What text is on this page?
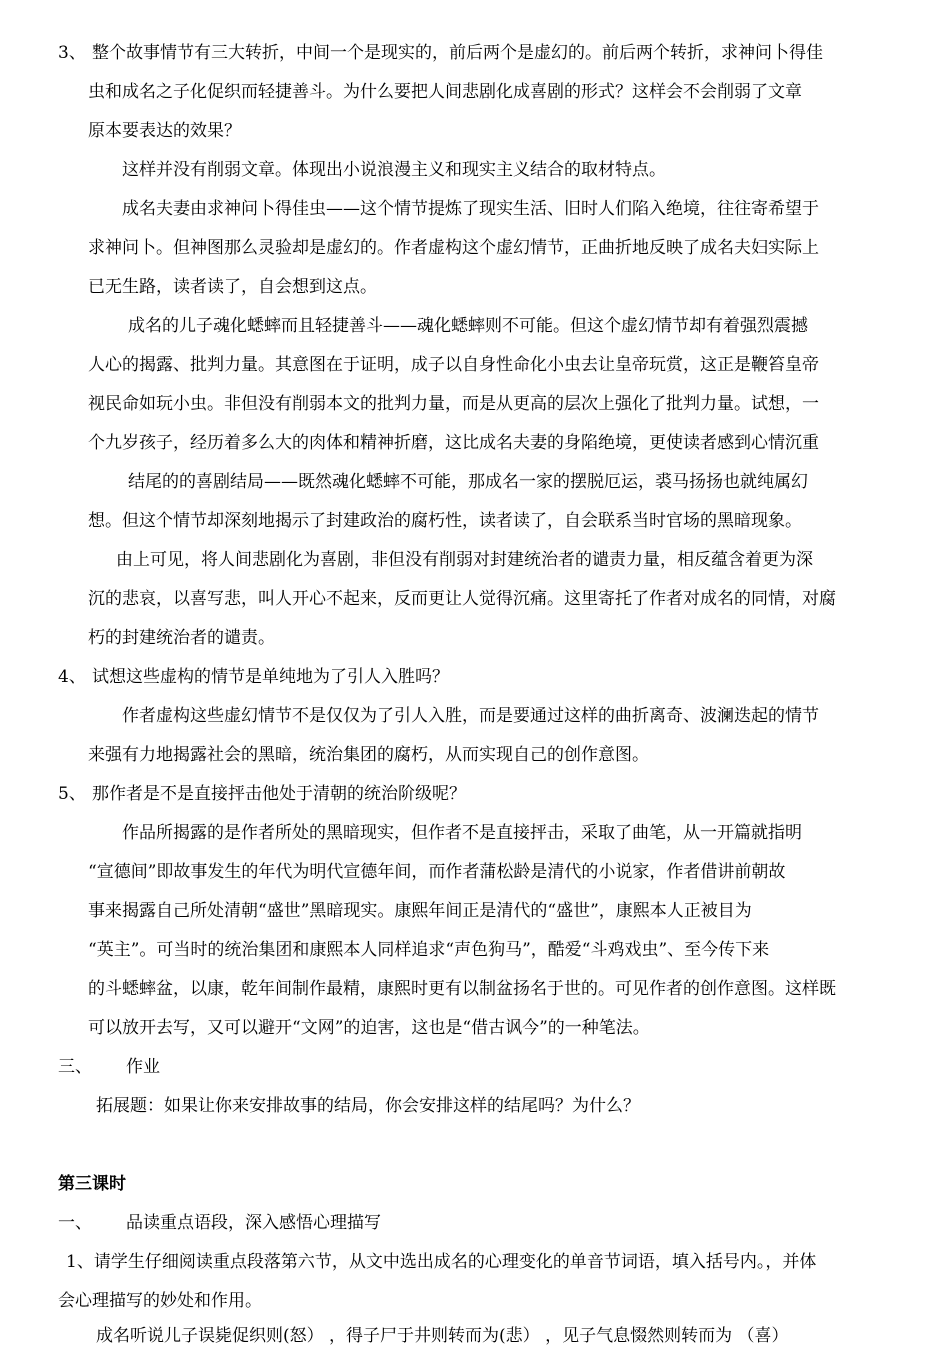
3、 整个故事情节有三大转折，中间一个是现实的，前后两个是虚幻的。前后两个转折，求神问卜得佳
虫和成名之子化促织而轻捷善斗。为什么要把人间悲剧化成喜剧的形式？这样会不会削弱了文章
原本要表达的效果？
这样并没有削弱文章。体现出小说浪漫主义和现实主义结合的取材特点。
成名夫妻由求神问卜得佳虫——这个情节提炼了现实生活、旧时人们陷入绝境，往往寄希望于
求神问卜。但神图那么灵验却是虚幻的。作者虚构这个虚幻情节，正曲折地反映了成名夫妇实际上
已无生路，读者读了，自会想到这点。
成名的儿子魂化蟋蟀而且轻捷善斗——魂化蟋蟀则不可能。但这个虚幻情节却有着强烈震撼
人心的揭露、批判力量。其意图在于证明，成子以自身性命化小虫去让皇帝玩赏，这正是鞭笞皇帝
视民命如玩小虫。非但没有削弱本文的批判力量，而是从更高的层次上强化了批判力量。试想，一
个九岁孩子，经历着多么大的肉体和精神折磨，这比成名夫妻的身陷绝境，更使读者感到心情沉重
结尾的的喜剧结局——既然魂化蟋蟀不可能，那成名一家的摆脱厄运，裘马扬扬也就纯属幻
想。但这个情节却深刻地揭示了封建政治的腐朽性，读者读了，自会联系当时官场的黑暗现象。
由上可见，将人间悲剧化为喜剧，非但没有削弱对封建统治者的谴责力量，相反蕴含着更为深
沉的悲哀，以喜写悲，叫人开心不起来，反而更让人觉得沉痛。这里寄托了作者对成名的同情，对腐
朽的封建统治者的谴责。
4、 试想这些虚构的情节是单纯地为了引人入胜吗？
作者虚构这些虚幻情节不是仅仅为了引人入胜，而是要通过这样的曲折离奇、波澜迭起的情节
来强有力地揭露社会的黑暗，统治集团的腐朽，从而实现自己的创作意图。
5、 那作者是不是直接抨击他处于清朝的统治阶级呢？
作品所揭露的是作者所处的黑暗现实，但作者不是直接抨击，采取了曲笔，从一开篇就指明
“宣德间”即故事发生的年代为明代宣德年间，而作者蒲松龄是清代的小说家，作者借讲前朝故
事来揭露自己所处清朝“盛世”黑暗现实。康熙年间正是清代的“盛世”，康熙本人正被目为
“英主”。可当时的统治集团和康熙本人同样追求“声色狗马”，酷爱“斗鸡戏虫”、至今传下来
的斗蟋蟀盆，以康，乾年间制作最精，康熙时更有以制盆扬名于世的。可见作者的创作意图。这样既
可以放开去写，又可以避开“文网”的迫害，这也是“借古讽今”的一种笔法。
三、 作业
拓展题：如果让你来安排故事的结局，你会安排这样的结尾吗？为什么？
第三课时
一、 品读重点语段，深入感悟心理描写
1、请学生仔细阅读重点段落第六节，从文中选出成名的心理变化的单音节词语，填入括号内。，并体
会心理描写的妙处和作用。
成名听说儿子误毙促织则(怒） ，得子尸于井则转而为(悲） ，见子气息惙然则转而为 （喜）
